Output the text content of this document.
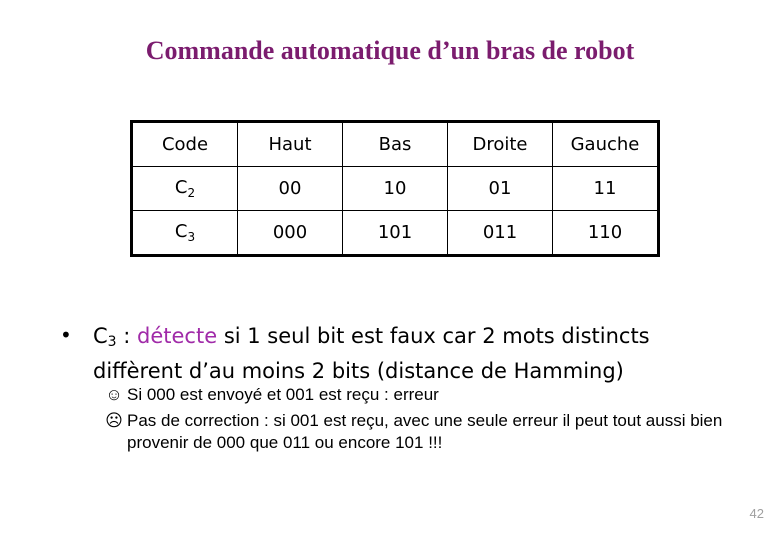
Commande automatique d’un bras de robot
Code	Haut	Bas	Droite	Gauche
$C_2$	00	10	01	11
$C_3$	000	101	011	110
• $C_3$ : détecte si 1 seul bit est faux car 2 mots distincts diffèrent d’au moins 2 bits (distance de Hamming)
☺ Si 000 est envoyé et 001 est reçu : erreur
☹ Pas de correction : si 001 est reçu, avec une seule erreur il peut tout aussi bien provenir de 000 que 011 ou encore 101 !!!
42
